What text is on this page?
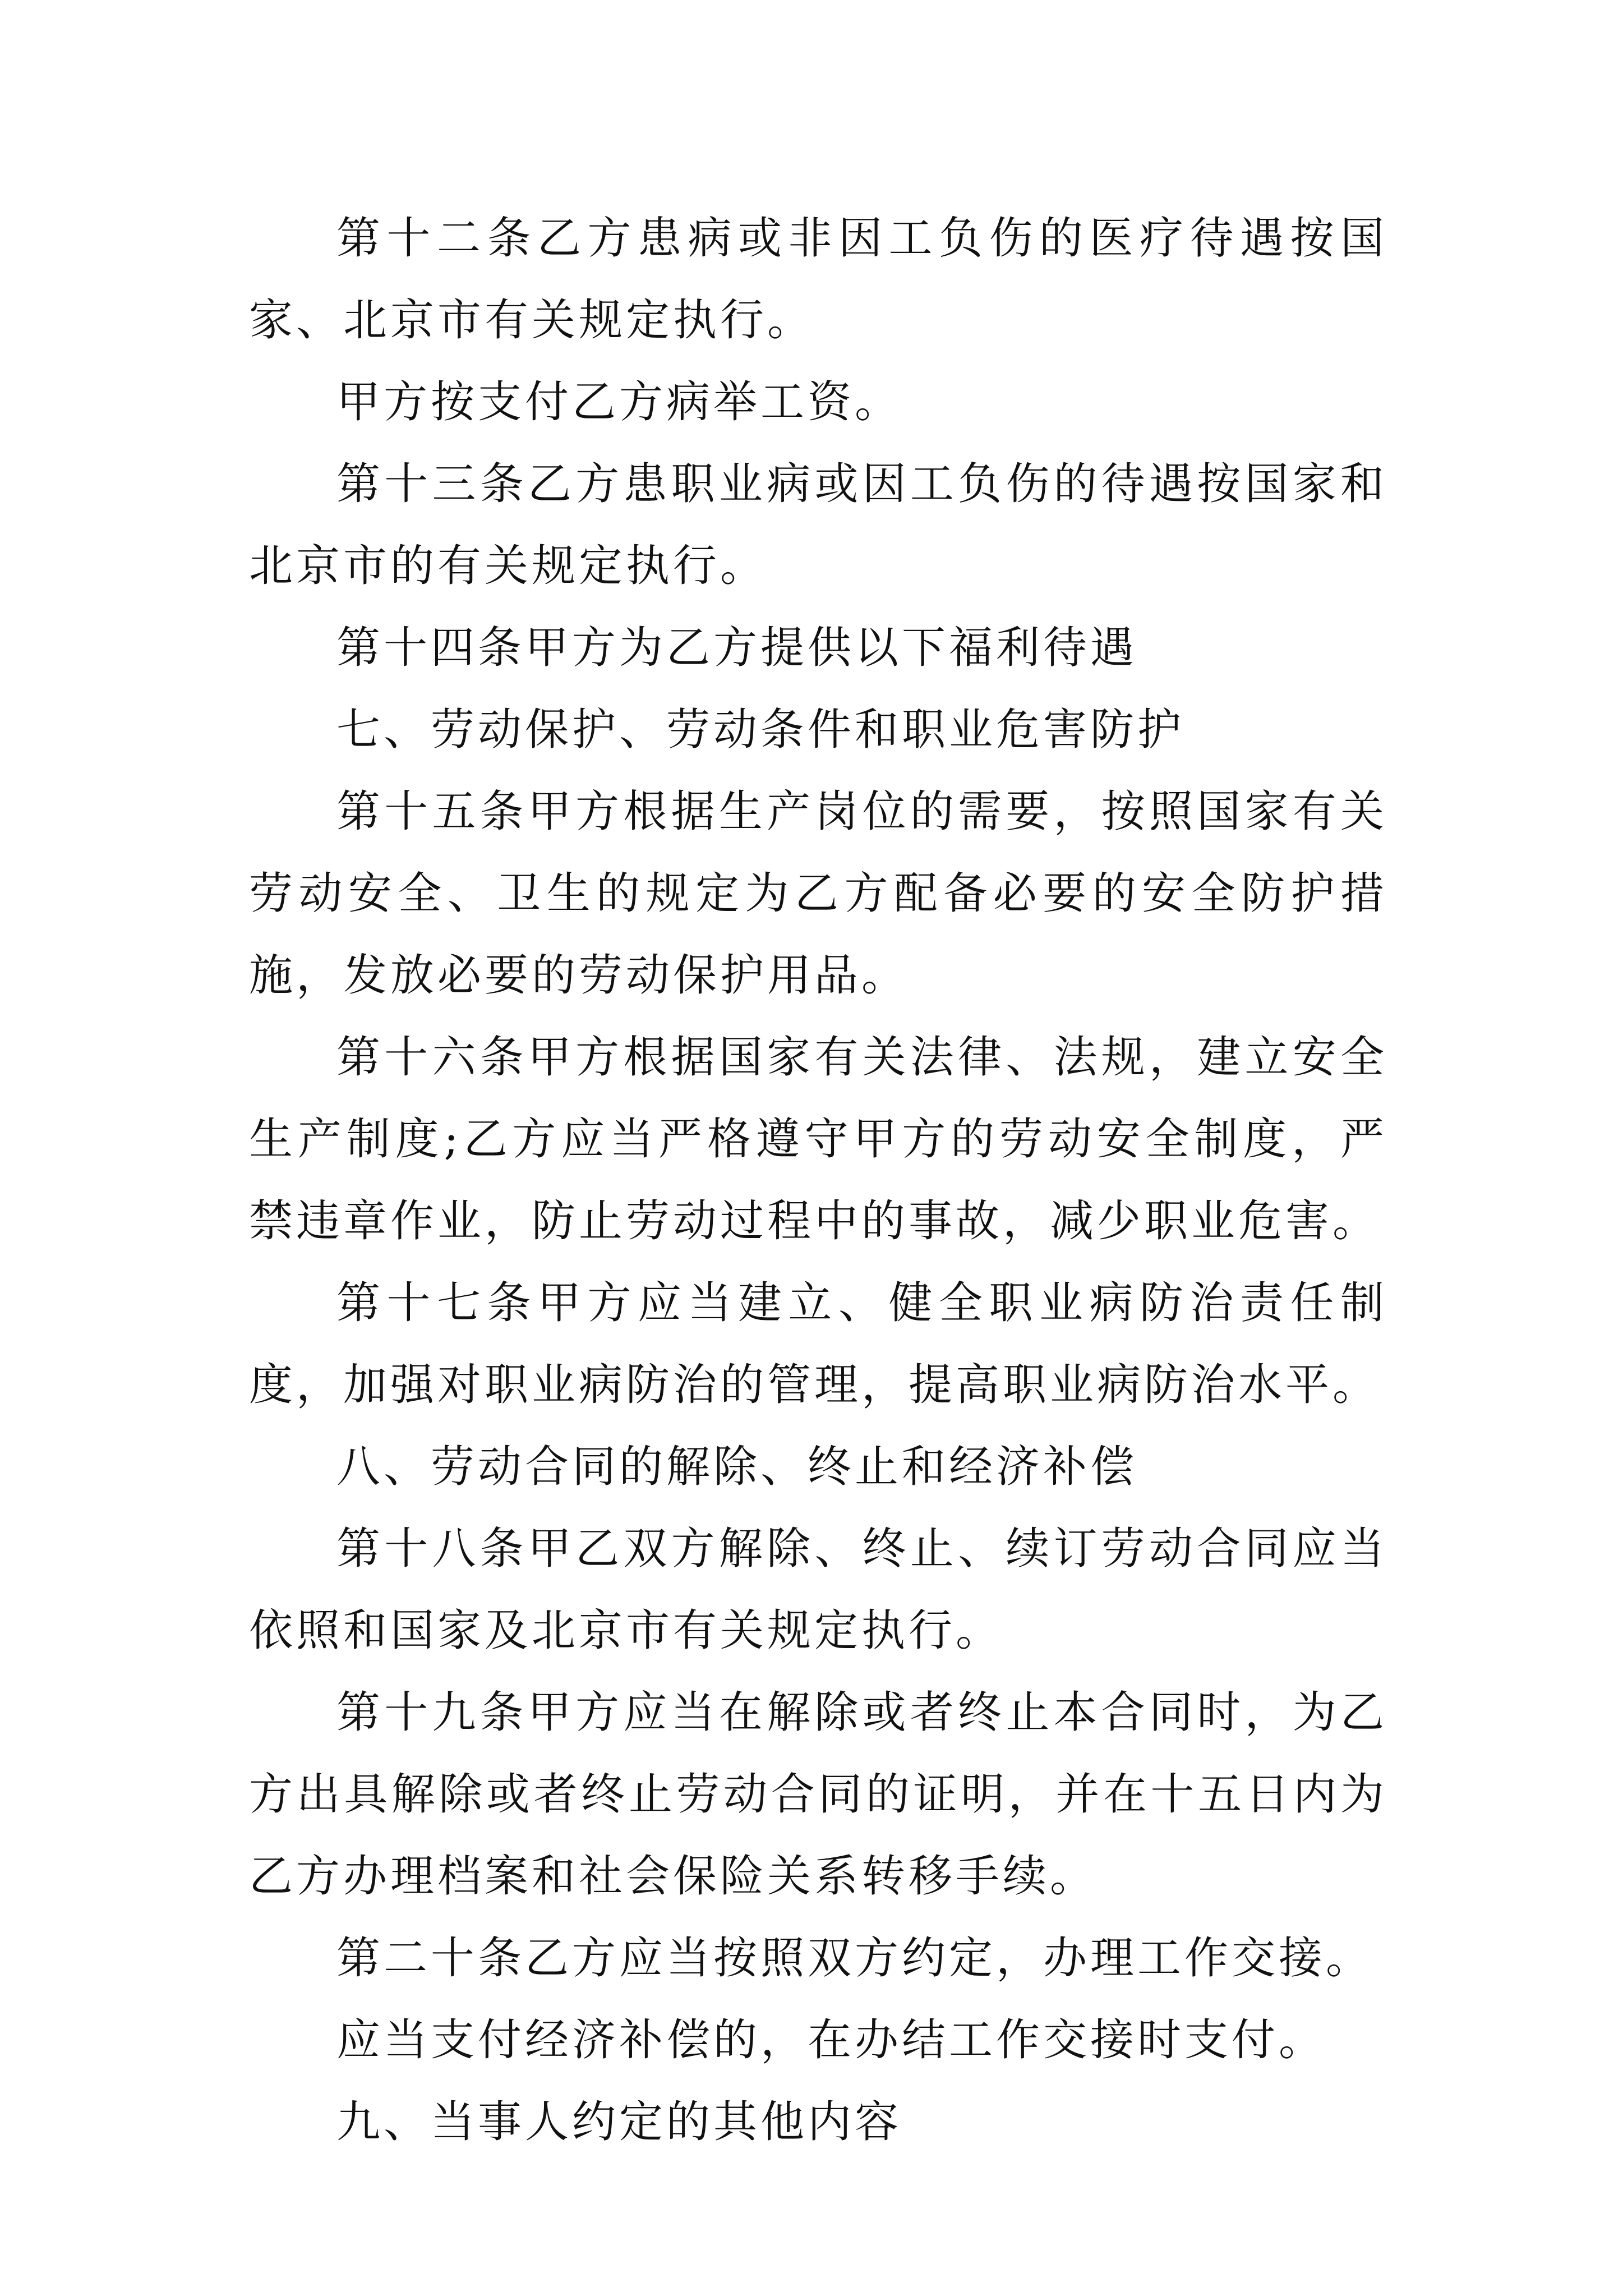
第十二条乙方患病或非因工负伤的医疗待遇按国家、北京市有关规定执行。

甲方按支付乙方病举工资。

第十三条乙方患职业病或因工负伤的待遇按国家和北京市的有关规定执行。

第十四条甲方为乙方提供以下福利待遇

七、劳动保护、劳动条件和职业危害防护

第十五条甲方根据生产岗位的需要，按照国家有关劳动安全、卫生的规定为乙方配备必要的安全防护措施，发放必要的劳动保护用品。

第十六条甲方根据国家有关法律、法规，建立安全生产制度;乙方应当严格遵守甲方的劳动安全制度，严禁违章作业，防止劳动过程中的事故，减少职业危害。

第十七条甲方应当建立、健全职业病防治责任制度，加强对职业病防治的管理，提高职业病防治水平。

八、劳动合同的解除、终止和经济补偿

第十八条甲乙双方解除、终止、续订劳动合同应当依照和国家及北京市有关规定执行。

第十九条甲方应当在解除或者终止本合同时，为乙方出具解除或者终止劳动合同的证明，并在十五日内为乙方办理档案和社会保险关系转移手续。

第二十条乙方应当按照双方约定，办理工作交接。

应当支付经济补偿的，在办结工作交接时支付。

九、当事人约定的其他内容
